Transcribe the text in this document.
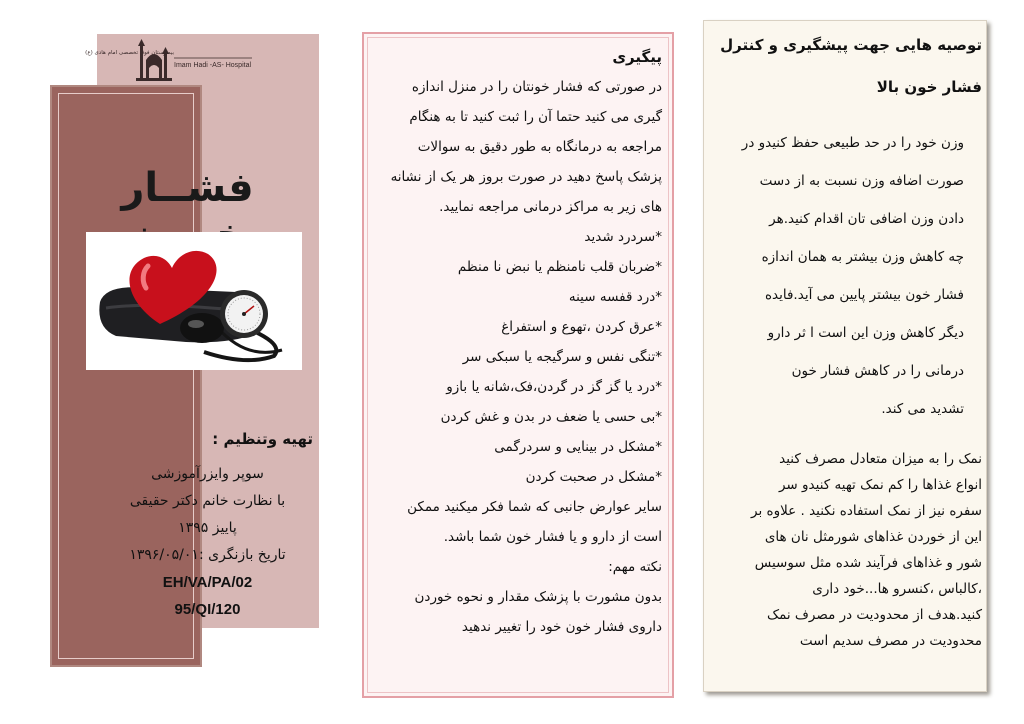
بیمارستان فوق تخصصی امام هادی (ع)
Imam Hadi -AS- Hospital
فشــار
تهیه وتنظیم :
سوپر وایزرآموزشی
با نظارت خانم دکتر حقیقی
پاییز ۱۳۹۵
تاریخ بازنگری :۱۳۹۶/۰۵/۰۱
EH/VA/PA/02
95/QI/120
پیگیری
در صورتی که فشار خونتان را در منزل اندازه
گیری می کنید حتما آن را ثبت کنید تا به هنگام
مراجعه به درمانگاه به طور دقیق به سوالات
پزشک پاسخ دهید در صورت بروز هر یک از نشانه
های زیر به مراکز درمانی مراجعه نمایید.
*سردرد شدید
*ضربان قلب نامنظم یا نبض نا منظم
*درد قفسه سینه
*عرق کردن ،تهوع و استفراغ
*تنگی نفس و سرگیجه یا سبکی سر
*درد یا گز گز در گردن،فک،شانه یا بازو
*بی حسی یا ضعف در بدن و غش کردن
*مشکل در بینایی و سردرگمی
*مشکل در صحبت کردن
سایر عوارض جانبی که شما فکر میکنید ممکن
است از دارو و یا فشار خون شما باشد.
نکته مهم:
بدون مشورت با پزشک مقدار و نحوه خوردن
داروی فشار خون خود را تغییر ندهید
توصیه هایی جهت پیشگیری و کنترل
فشار خون بالا
وزن خود را در حد طبیعی حفظ کنیدو در
صورت اضافه وزن نسبت به از دست
دادن وزن اضافی تان اقدام کنید.هر
چه کاهش وزن بیشتر به همان اندازه
فشار خون بیشتر پایین می آید.فایده
دیگر کاهش وزن این است ا ثر دارو
درمانی را در کاهش فشار خون
تشدید می کند.
نمک را به میزان متعادل مصرف کنید
انواع غذاها را کم نمک تهیه کنیدو سر
سفره نیز از نمک استفاده نکنید . علاوه بر
این از خوردن غذاهای شورمثل نان های
شور و غذاهای فرآیند شده مثل سوسیس
،کالباس ،کنسرو ها...خود داری
کنید.هدف از محدودیت در مصرف نمک
محدودیت در مصرف سدیم است
